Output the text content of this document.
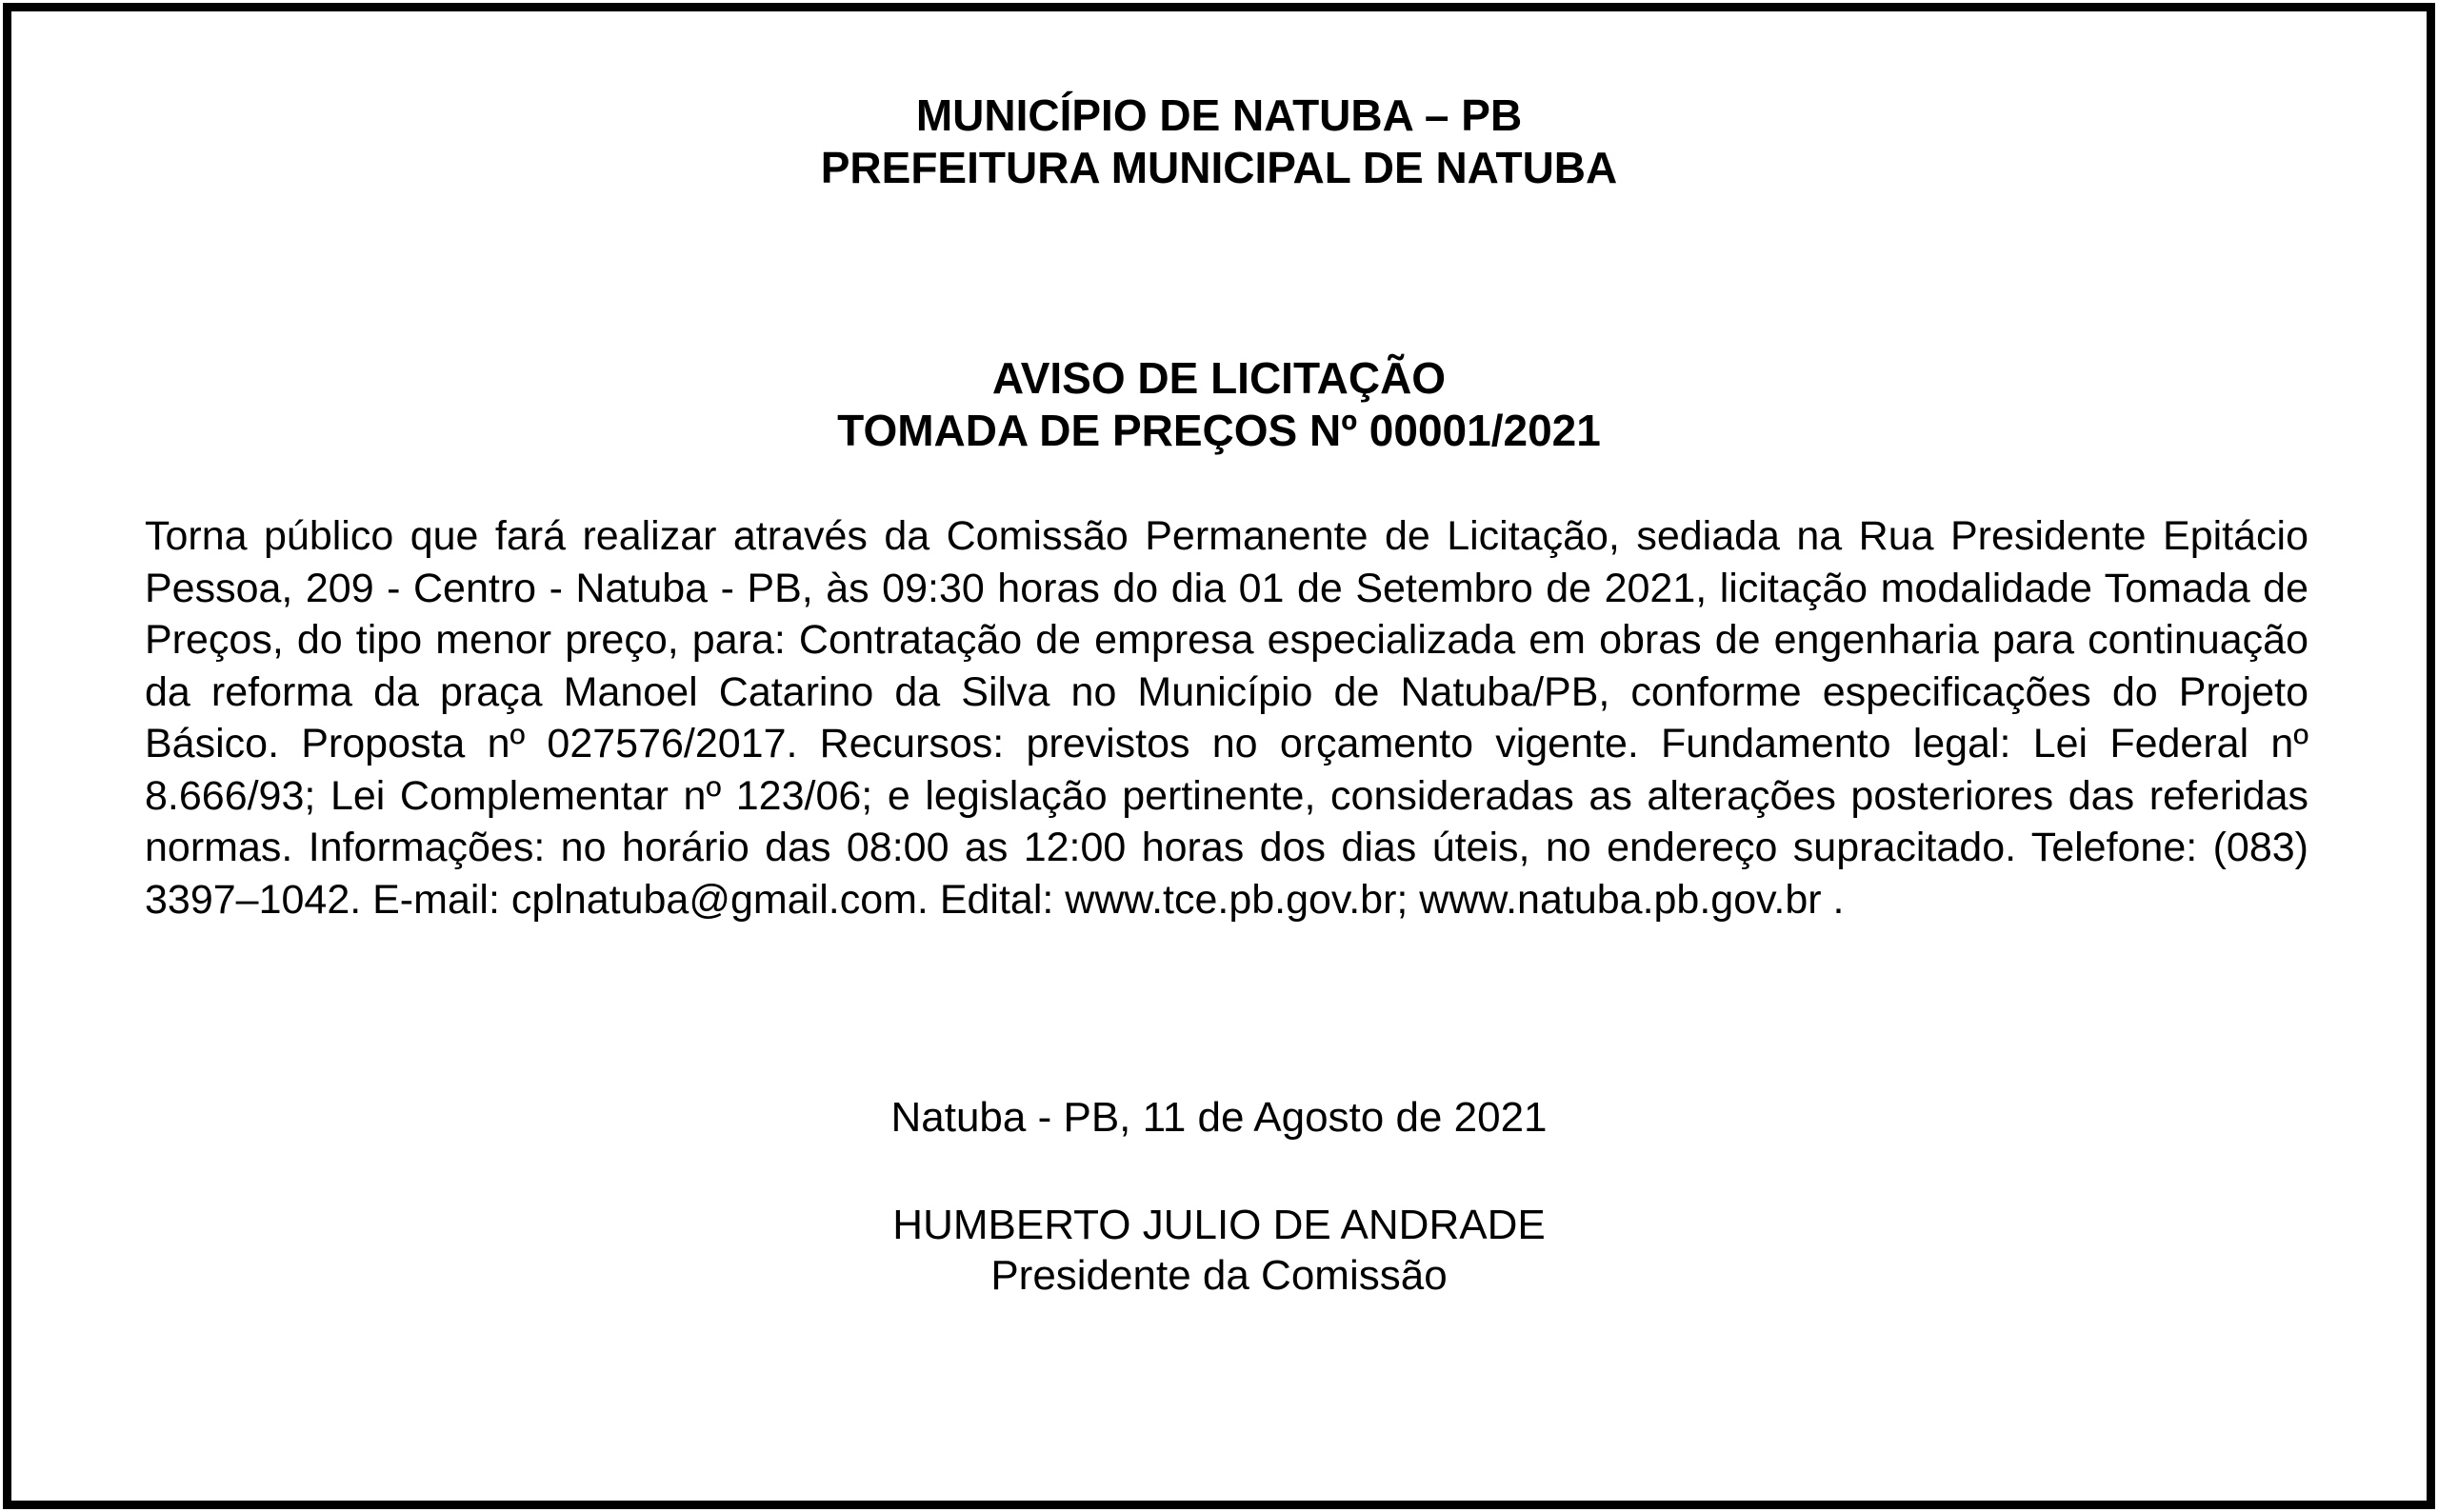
MUNICÍPIO DE NATUBA – PB
PREFEITURA MUNICIPAL DE NATUBA
AVISO DE LICITAÇÃO
TOMADA DE PREÇOS Nº 00001/2021
Torna público que fará realizar através da Comissão Permanente de Licitação, sediada na Rua Presidente Epitácio Pessoa, 209 - Centro - Natuba - PB, às 09:30 horas do dia 01 de Setembro de 2021, licitação modalidade Tomada de Preços, do tipo menor preço, para: Contratação de empresa especializada em obras de engenharia para continuação da reforma da praça Manoel Catarino da Silva no Município de Natuba/PB, conforme especificações do Projeto Básico. Proposta nº 027576/2017. Recursos: previstos no orçamento vigente. Fundamento legal: Lei Federal nº 8.666/93; Lei Complementar nº 123/06; e legislação pertinente, consideradas as alterações posteriores das referidas normas. Informações: no horário das 08:00 as 12:00 horas dos dias úteis, no endereço supracitado. Telefone: (083) 3397–1042. E-mail: cplnatuba@gmail.com. Edital: www.tce.pb.gov.br; www.natuba.pb.gov.br .
Natuba - PB, 11 de Agosto de 2021
HUMBERTO JULIO DE ANDRADE
Presidente da Comissão
